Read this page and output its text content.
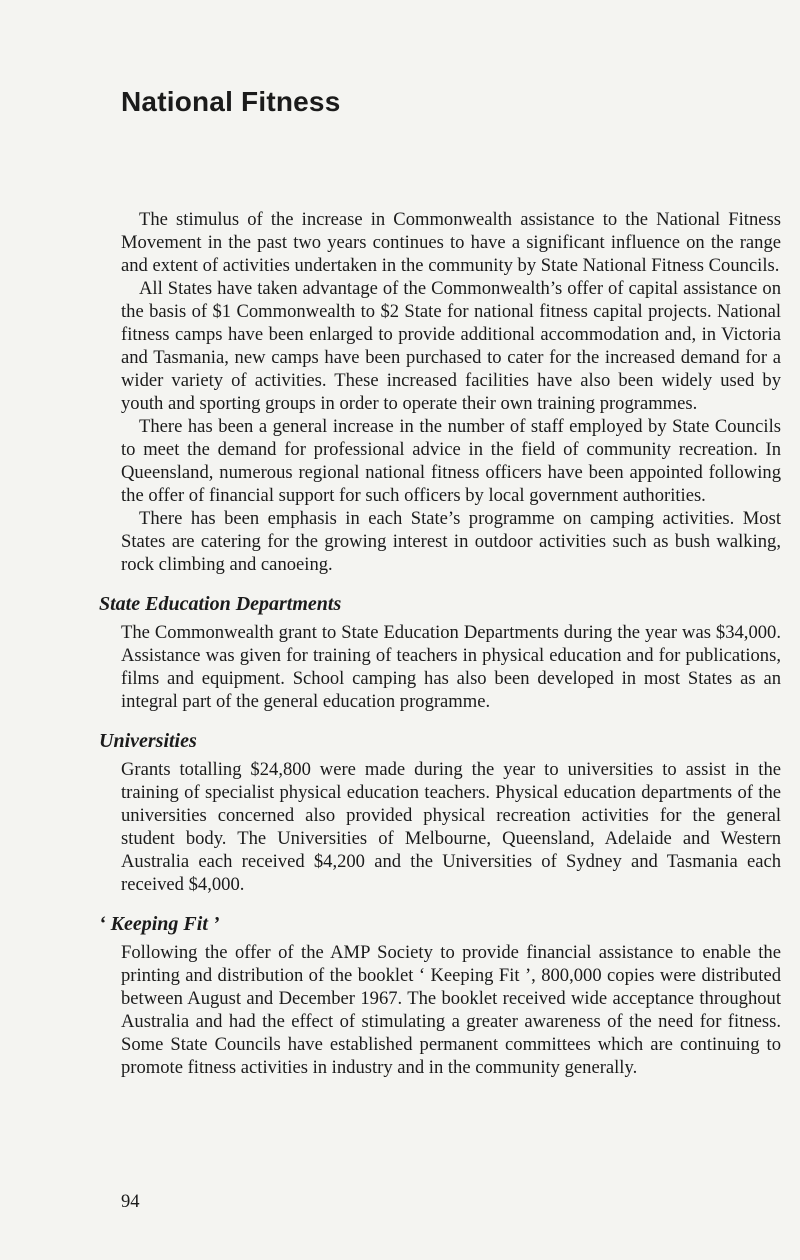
National Fitness

The stimulus of the increase in Commonwealth assistance to the National Fitness Movement in the past two years continues to have a significant influence on the range and extent of activities undertaken in the community by State National Fitness Councils.

All States have taken advantage of the Commonwealth’s offer of capital assistance on the basis of $1 Commonwealth to $2 State for national fitness capital projects. National fitness camps have been enlarged to provide additional accommodation and, in Victoria and Tasmania, new camps have been purchased to cater for the increased demand for a wider variety of activities. These increased facilities have also been widely used by youth and sporting groups in order to operate their own training programmes.

There has been a general increase in the number of staff employed by State Councils to meet the demand for professional advice in the field of community recreation. In Queensland, numerous regional national fitness officers have been appointed following the offer of financial support for such officers by local government authorities.

There has been emphasis in each State’s programme on camping activities. Most States are catering for the growing interest in outdoor activities such as bush walking, rock climbing and canoeing.

State Education Departments

The Commonwealth grant to State Education Departments during the year was $34,000. Assistance was given for training of teachers in physical education and for publications, films and equipment. School camping has also been developed in most States as an integral part of the general education programme.

Universities

Grants totalling $24,800 were made during the year to universities to assist in the training of specialist physical education teachers. Physical education departments of the universities concerned also provided physical recreation activities for the general student body. The Universities of Melbourne, Queensland, Adelaide and Western Australia each received $4,200 and the Universities of Sydney and Tasmania each received $4,000.

‘ Keeping Fit ’

Following the offer of the AMP Society to provide financial assistance to enable the printing and distribution of the booklet ‘ Keeping Fit ’, 800,000 copies were distributed between August and December 1967. The booklet received wide acceptance throughout Australia and had the effect of stimulating a greater awareness of the need for fitness. Some State Councils have established permanent committees which are continuing to promote fitness activities in industry and in the community generally.

94
